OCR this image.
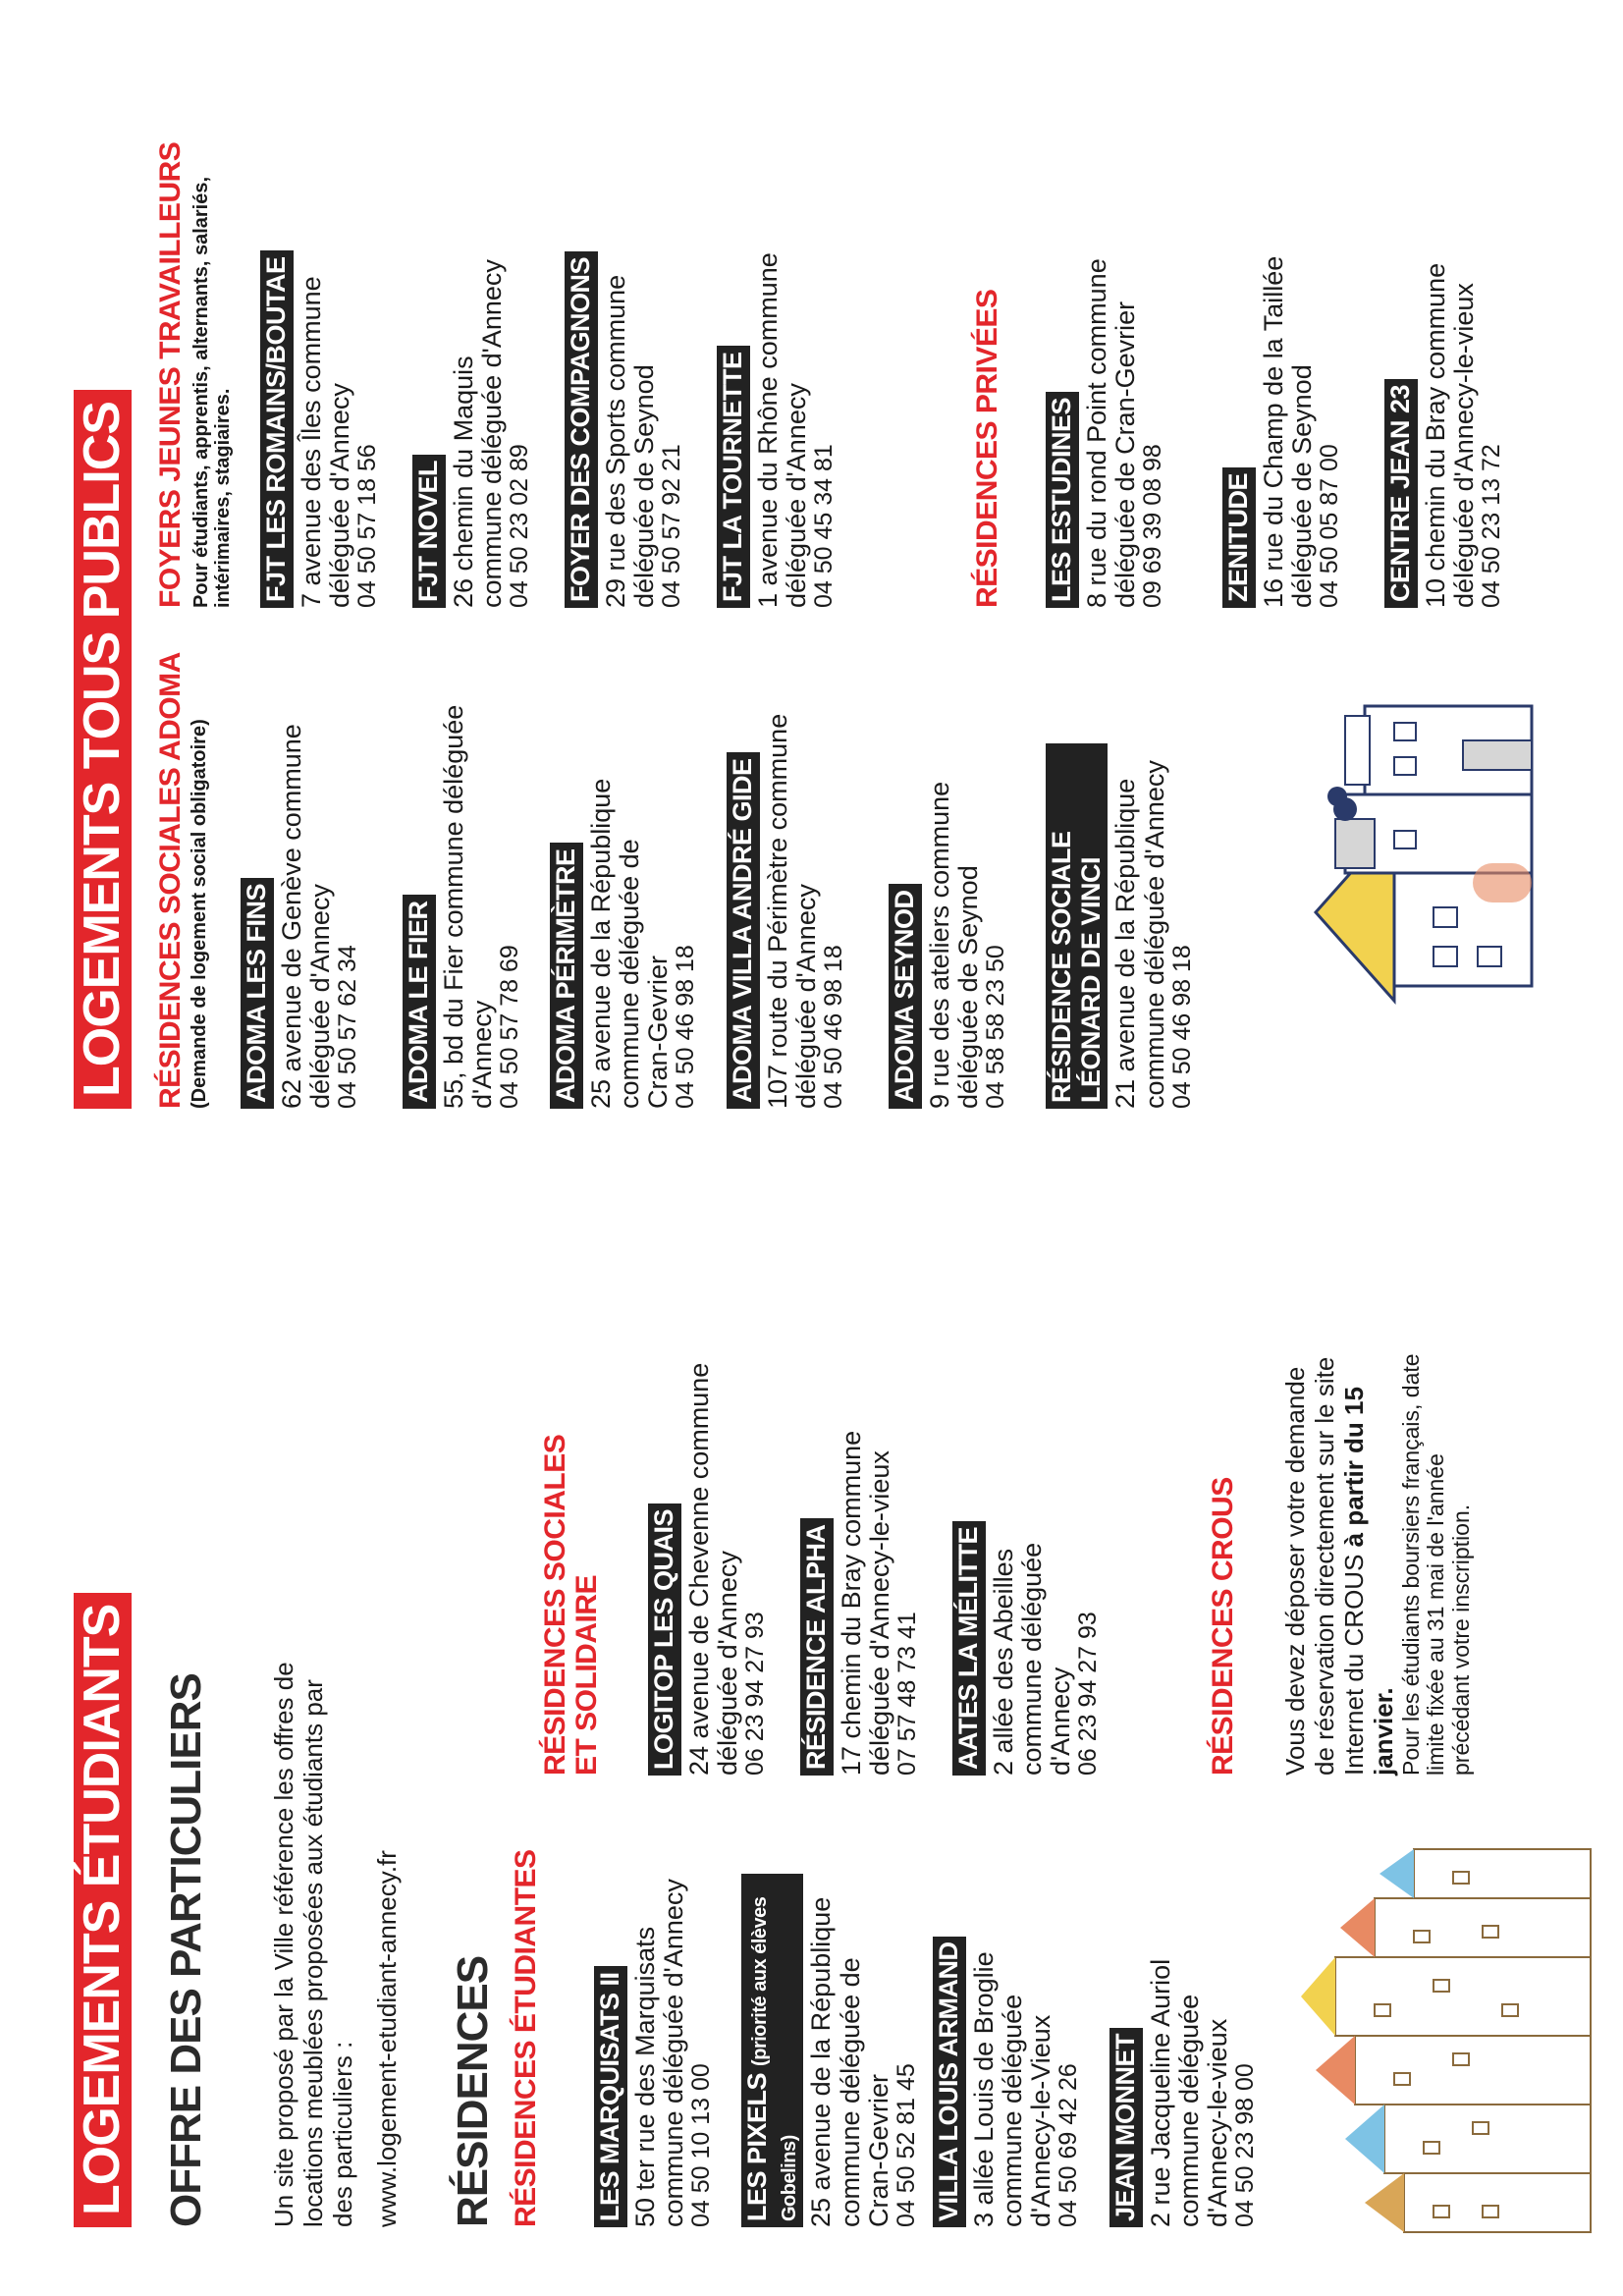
LOGEMENTS ÉTUDIANTS OFFRE DES PARTICULIERS Un site proposé par la Ville référence les offres de locations meublées proposées aux étudiants par des particuliers : www.logement-etudiant-annecy.fr RÉSIDENCES RÉSIDENCES ÉTUDIANTES LES MARQUISATS II 50 ter rue des Marquisats commune déléguée d'Annecy 04 50 10 13 00 LES PIXELS (priorité aux élèves Gobelins) 25 avenue de la République commune déléguée de Cran-Gevrier 04 50 52 81 45 VILLA LOUIS ARMAND 3 allée Louis de Broglie commune déléguée d'Annecy-le-Vieux 04 50 69 42 26 JEAN MONNET 2 rue Jacqueline Auriol commune déléguée d'Annecy-le-vieux 04 50 23 98 00
RÉSIDENCES SOCIALES
ET SOLIDAIRE LOGITOP LES QUAIS 24 avenue de Chevenne commune déléguée d'Annecy 06 23 94 27 93 RÉSIDENCE ALPHA 17 chemin du Bray commune déléguée d'Annecy-le-vieux 07 57 48 73 41 AATES LA MÉLITTE 2 allée des Abeilles commune déléguée d'Annecy 06 23 94 27 93	RÉSIDENCES CROUS Vous devez déposer votre demande de réservation directement sur le site Internet du CROUS à partir du 15 janvier. Pour les étudiants boursiers français, date limite fixée au 31 mai de l'année précédant votre inscription.
LOGEMENTS TOUS PUBLICS RÉSIDENCES SOCIALES ADOMA (Demande de logement social obligatoire) ADOMA LES FINS 62 avenue de Genève commune déléguée d'Annecy 04 50 57 62 34 ADOMA LE FIER 55, bd du Fier commune déléguée d'Annecy 04 50 57 78 69 ADOMA PÉRIMÈTRE 25 avenue de la République commune déléguée de Cran-Gevrier 04 50 46 98 18 ADOMA VILLA ANDRÉ GIDE 107 route du Périmètre commune déléguée d'Annecy 04 50 46 98 18 ADOMA SEYNOD 9 rue des ateliers commune déléguée de Seynod 04 58 58 23 50 RÉSIDENCE SOCIALE LÉONARD DE VINCI 21 avenue de la République commune déléguée d'Annecy 04 50 46 98 18
FOYERS JEUNES TRAVAILLEURS Pour étudiants, apprentis, alternants, salariés, intérimaires, stagiaires. FJT LES ROMAINS/BOUTAE 7 avenue des Îles commune déléguée d'Annecy 04 50 57 18 56 FJT NOVEL 26 chemin du Maquis commune déléguée d'Annecy 04 50 23 02 89 FOYER DES COMPAGNONS 29 rue des Sports commune déléguée de Seynod 04 50 57 92 21 FJT LA TOURNETTE 1 avenue du Rhône commune déléguée d'Annecy 04 50 45 34 81	RÉSIDENCES PRIVÉES LES ESTUDINES 8 rue du rond Point commune déléguée de Cran-Gevrier 09 69 39 08 98 ZENITUDE 16 rue du Champ de la Taillée déléguée de Seynod 04 50 05 87 00 CENTRE JEAN 23 10 chemin du Bray commune déléguée d'Annecy-le-vieux 04 50 23 13 72
